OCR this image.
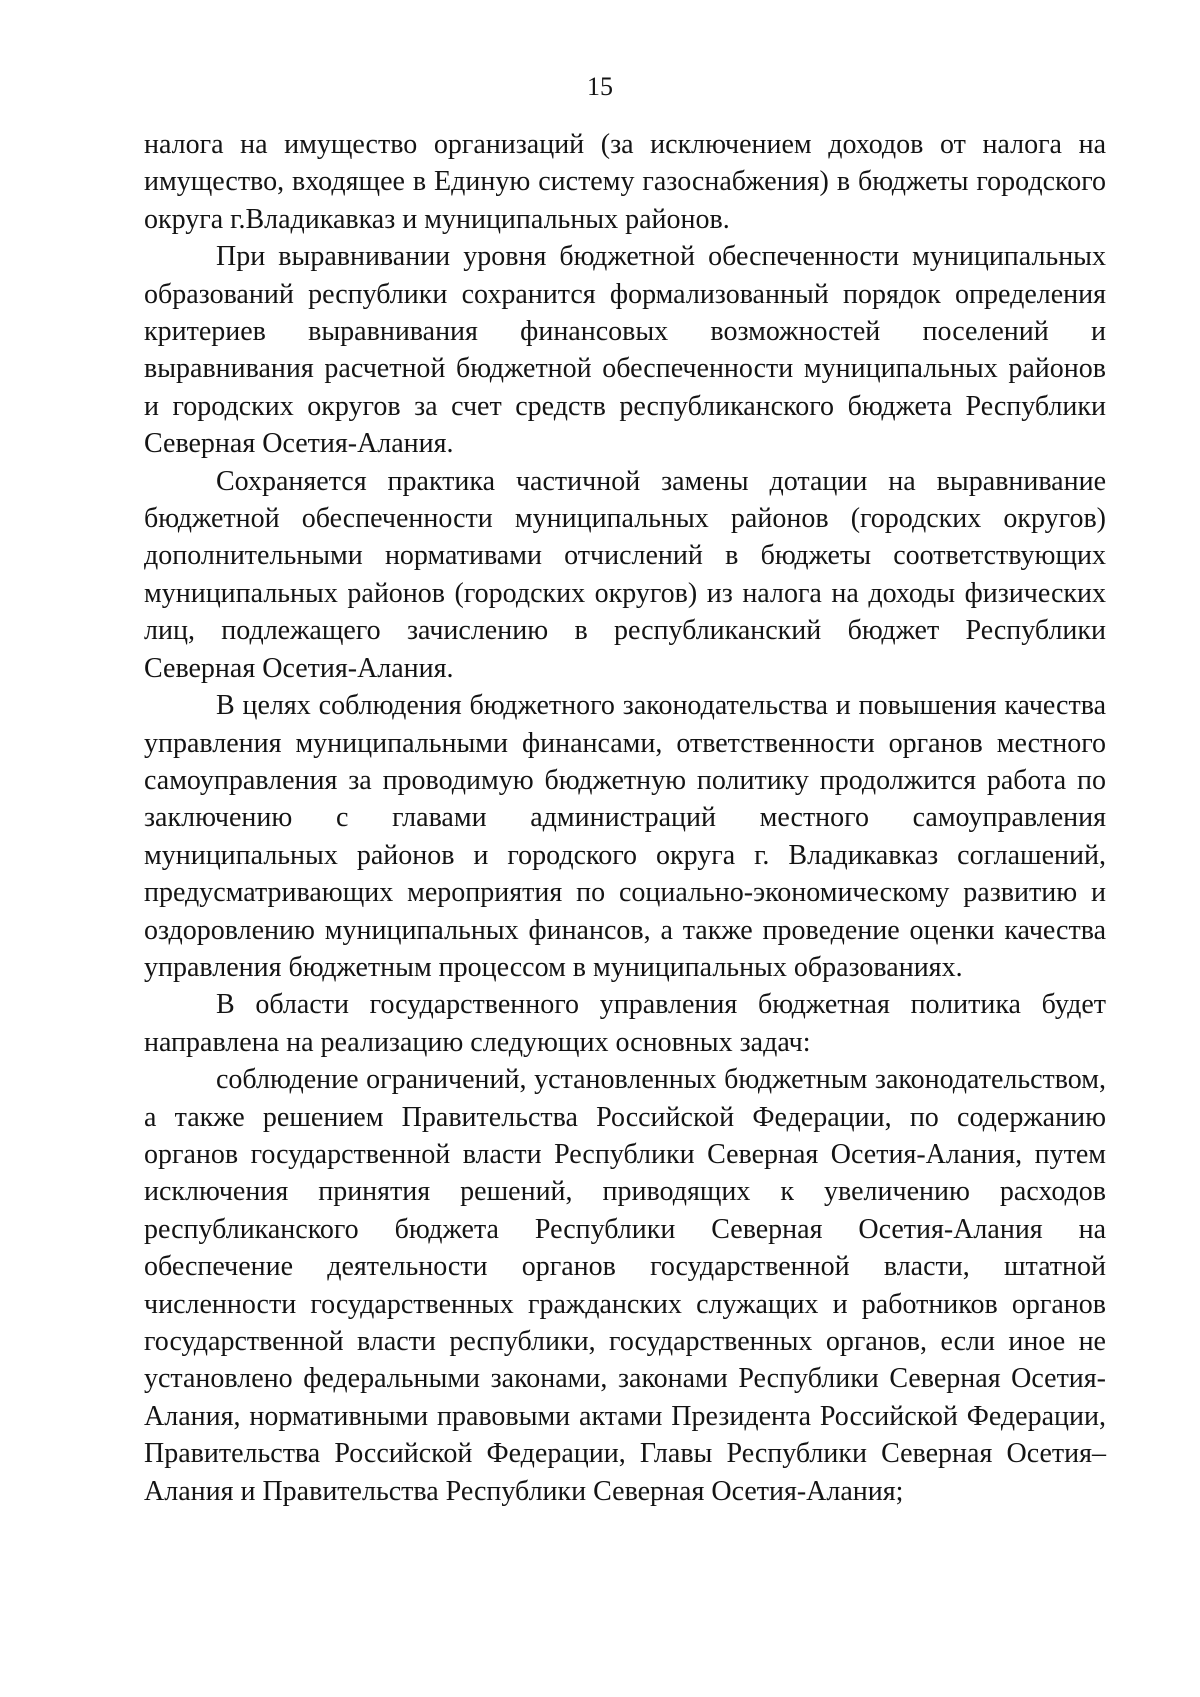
15

налога на имущество организаций (за исключением доходов от налога на имущество, входящее в Единую систему газоснабжения) в бюджеты городского округа г.Владикавказ и муниципальных районов.

При выравнивании уровня бюджетной обеспеченности муниципальных образований республики сохранится формализованный порядок определения критериев выравнивания финансовых возможностей поселений и выравнивания расчетной бюджетной обеспеченности муниципальных районов и городских округов за счет средств республиканского бюджета Республики Северная Осетия-Алания.

Сохраняется практика частичной замены дотации на выравнивание бюджетной обеспеченности муниципальных районов (городских округов) дополнительными нормативами отчислений в бюджеты соответствующих муниципальных районов (городских округов) из налога на доходы физических лиц, подлежащего зачислению в республиканский бюджет Республики Северная Осетия-Алания.

В целях соблюдения бюджетного законодательства и повышения качества управления муниципальными финансами, ответственности органов местного самоуправления за проводимую бюджетную политику продолжится работа по заключению с главами администраций местного самоуправления муниципальных районов и городского округа г. Владикавказ соглашений, предусматривающих мероприятия по социально-экономическому развитию и оздоровлению муниципальных финансов, а также проведение оценки качества управления бюджетным процессом в муниципальных образованиях.

В области государственного управления бюджетная политика будет направлена на реализацию следующих основных задач:

соблюдение ограничений, установленных бюджетным законодательством, а также решением Правительства Российской Федерации, по содержанию органов государственной власти Республики Северная Осетия-Алания, путем исключения принятия решений, приводящих к увеличению расходов республиканского бюджета Республики Северная Осетия-Алания на обеспечение деятельности органов государственной власти, штатной численности государственных гражданских служащих и работников органов государственной власти республики, государственных органов, если иное не установлено федеральными законами, законами Республики Северная Осетия-Алания, нормативными правовыми актами Президента Российской Федерации, Правительства Российской Федерации, Главы Республики Северная Осетия–Алания и Правительства Республики Северная Осетия-Алания;
